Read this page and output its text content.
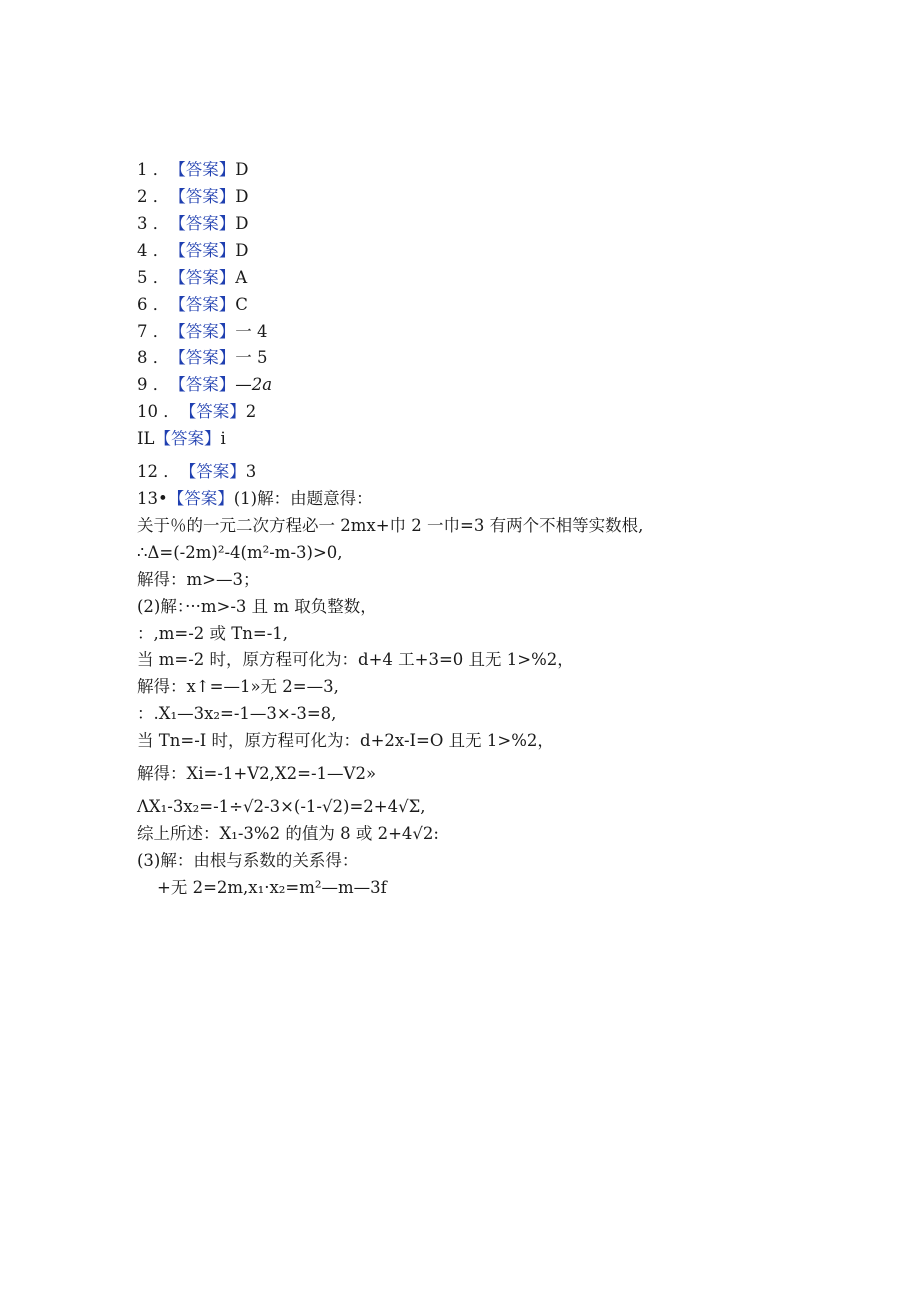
1 ．【答案】D
2 ．【答案】D
3 ．【答案】D
4 ．【答案】D
5 ．【答案】A
6 ．【答案】C
7 ．【答案】一 4
8 ．【答案】一 5
9 ．【答案】—2a
10 ．【答案】2
IL【答案】i
12 ．【答案】3
13•【答案】(1)解：由题意得：
关于％的一元二次方程必一 2mx+巾 2 一巾=3 有两个不相等实数根,
∴Δ=(-2m)²-4(m²-m-3)>0,
解得：m>—3；
(2)解：···m>-3 且 m 取负整数，
：,m=-2 或 Tn=-1,
当 m=-2 时，原方程可化为：d+4 工+3=0 且无 1>%2，
解得：x↑=—1»无 2=—3,
：.X₁—3x₂=-1—3×-3=8,
当 Tn=-I 时，原方程可化为：d+2x-I=O 且无 1>%2，
解得：Xi=-1+V2,X2=-1—V2»
ΛX₁-3x₂=-1÷√2-3×(-1-√2)=2+4√Σ,
综上所述：X₁-3%2 的值为 8 或 2+4√2:
(3)解：由根与系数的关系得：
+无 2=2m,x₁·x₂=m²—m—3f
